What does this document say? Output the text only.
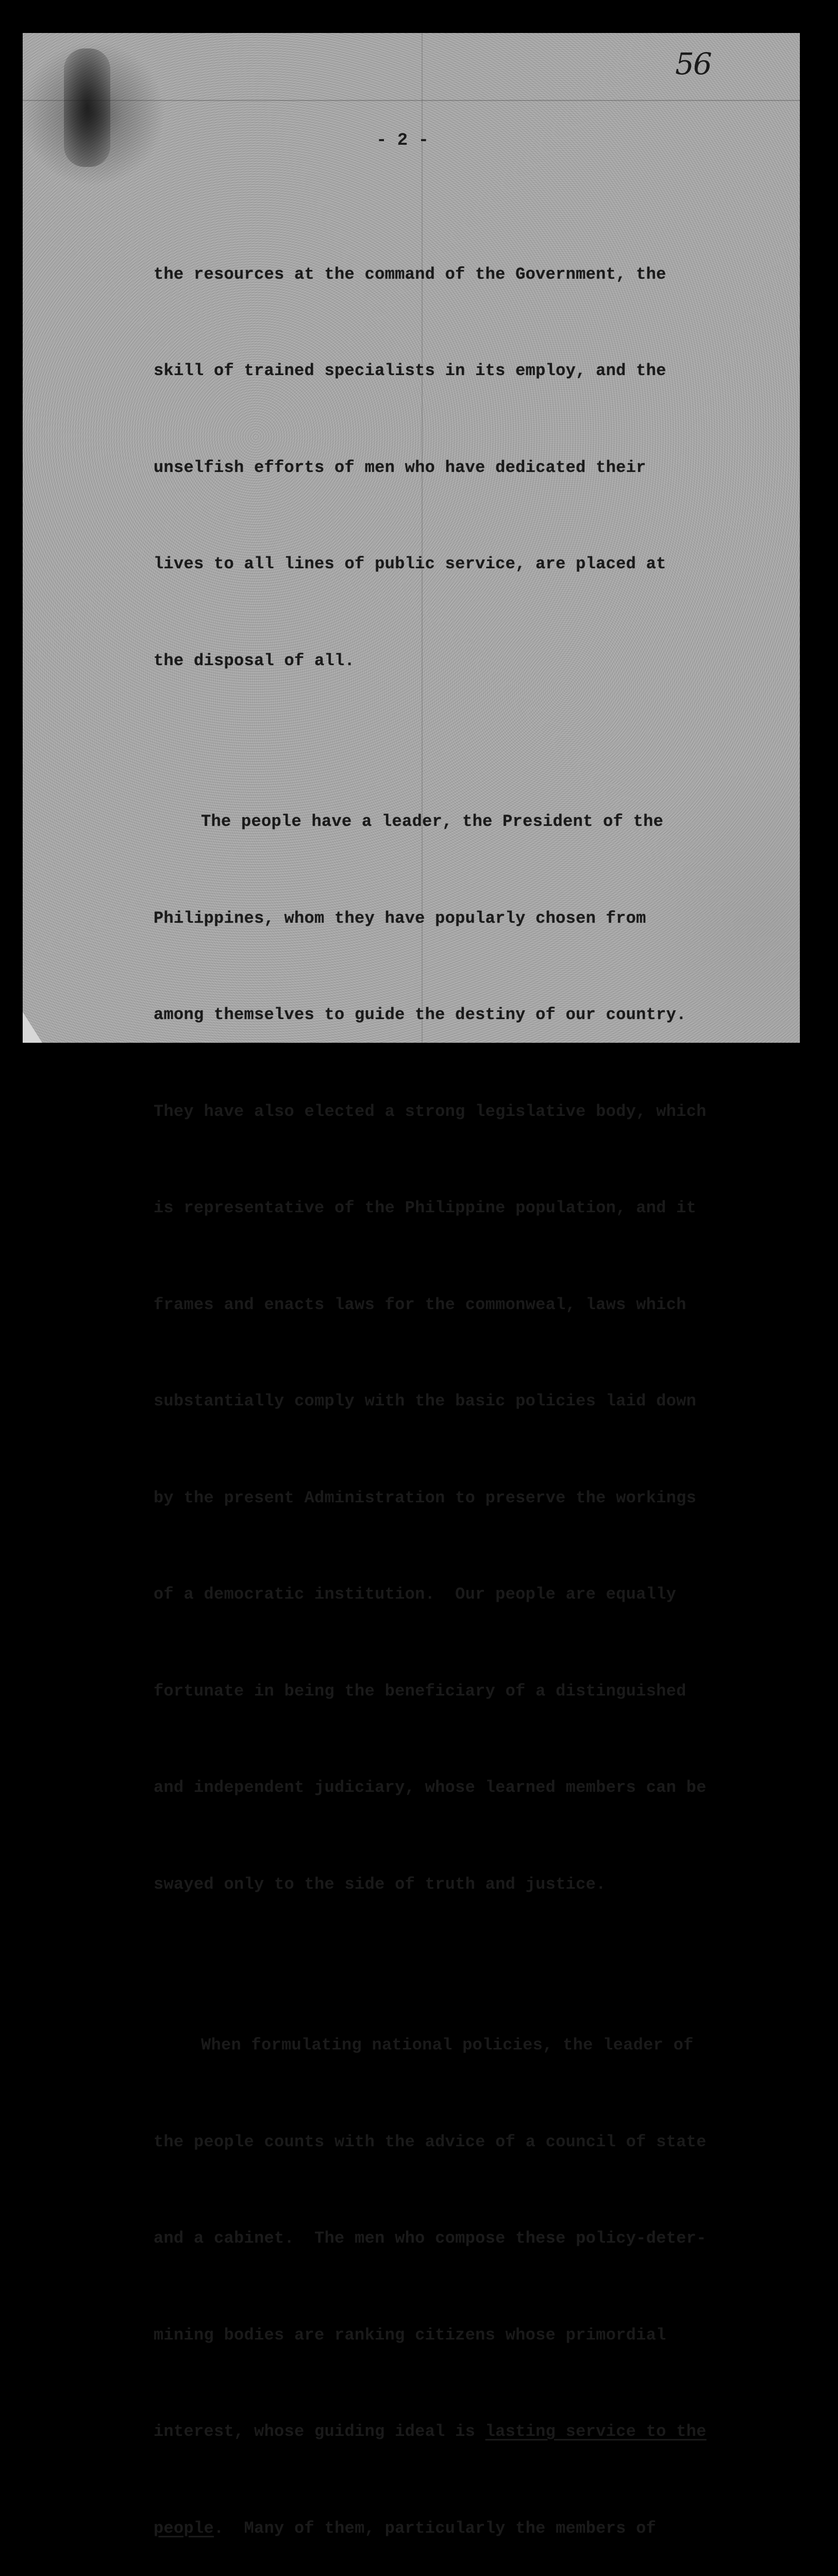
56
- 2 -

the resources at the command of the Government, the

skill of trained specialists in its employ, and the

unselfish efforts of men who have dedicated their

lives to all lines of public service, are placed at

the disposal of all.

The people have a leader, the President of the

Philippines, whom they have popularly chosen from

among themselves to guide the destiny of our country.

They have also elected a strong legislative body, which

is representative of the Philippine population, and it

frames and enacts laws for the commonweal, laws which

substantially comply with the basic policies laid down

by the present Administration to preserve the workings

of a democratic institution.  Our people are equally

fortunate in being the beneficiary of a distinguished

and independent judiciary, whose learned members can be

swayed only to the side of truth and justice.

When formulating national policies, the leader of

the people counts with the advice of a council of state

and a cabinet.  The men who compose these policy-deter-

mining bodies are ranking citizens whose primordial

interest, whose guiding ideal is lasting service to the

people.  Many of them, particularly the members of
